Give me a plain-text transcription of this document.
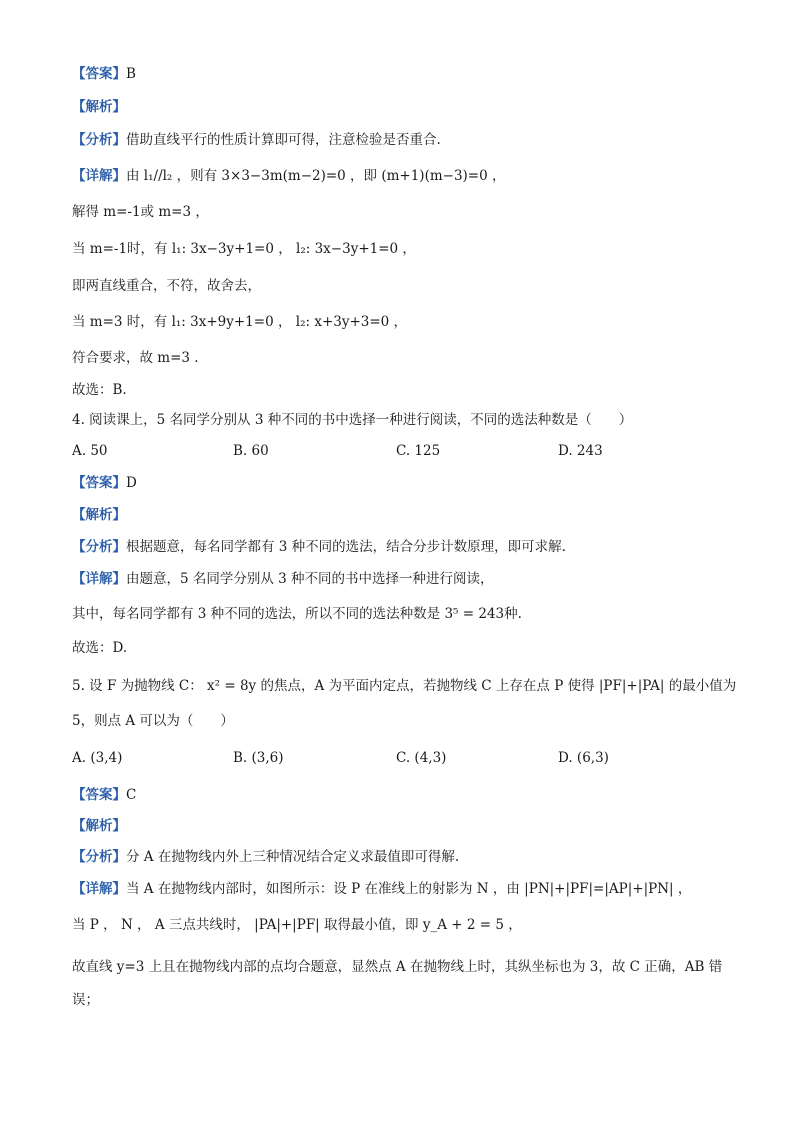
【答案】B
【解析】
【分析】借助直线平行的性质计算即可得，注意检验是否重合.
【详解】由 l₁//l₂ ，则有 3×3−3m(m−2)=0 ，即 (m+1)(m−3)=0 ，
解得 m=-1或 m=3 ，
当 m=-1时，有 l₁: 3x−3y+1=0 ， l₂: 3x−3y+1=0 ，
即两直线重合，不符，故舍去，
当 m=3 时，有 l₁: 3x+9y+1=0 ， l₂: x+3y+3=0 ，
符合要求，故 m=3 .
故选：B.
4. 阅读课上，5 名同学分别从 3 种不同的书中选择一种进行阅读，不同的选法种数是（　　）
A. 50	B. 60	C. 125	D. 243
【答案】D
【解析】
【分析】根据题意，每名同学都有 3 种不同的选法，结合分步计数原理，即可求解.
【详解】由题意，5 名同学分别从 3 种不同的书中选择一种进行阅读，
其中，每名同学都有 3 种不同的选法，所以不同的选法种数是 3⁵ = 243种.
故选：D.
5. 设 F 为抛物线 C： x² = 8y 的焦点，A 为平面内定点，若抛物线 C 上存在点 P 使得 |PF|+|PA| 的最小值为
5，则点 A 可以为（　　）
A. (3,4)	B. (3,6)	C. (4,3)	D. (6,3)
【答案】C
【解析】
【分析】分 A 在抛物线内外上三种情况结合定义求最值即可得解.
【详解】当 A 在抛物线内部时，如图所示：设 P 在准线上的射影为 N ，由 |PN|+|PF|=|AP|+|PN| ，
当 P ， N ， A 三点共线时， |PA|+|PF| 取得最小值，即 y_A + 2 = 5 ，
故直线 y=3 上且在抛物线内部的点均合题意，显然点 A 在抛物线上时，其纵坐标也为 3，故 C 正确，AB 错
误；
